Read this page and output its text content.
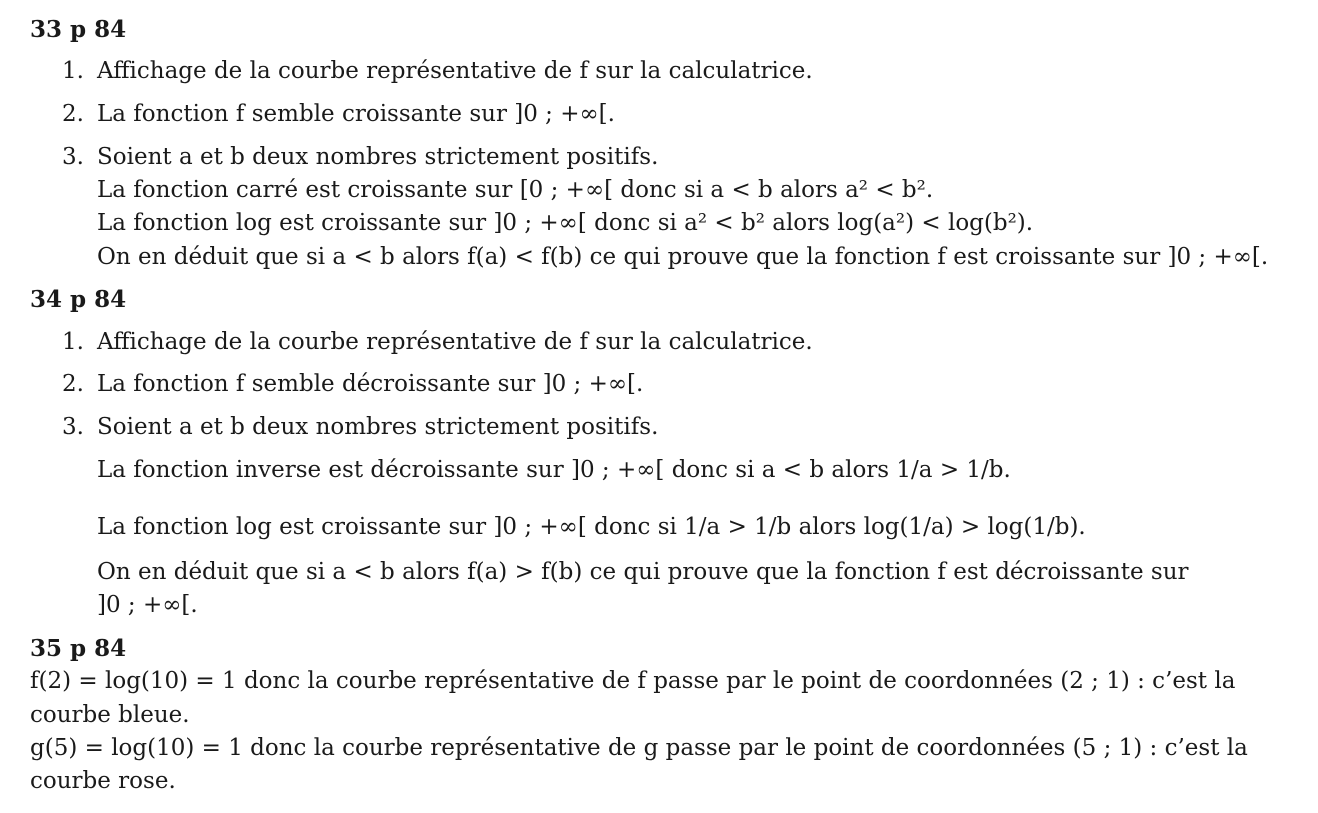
33 p 84
1. Affichage de la courbe représentative de f sur la calculatrice.
2. La fonction f semble croissante sur ]0 ; +∞[.
3. Soient a et b deux nombres strictement positifs.
La fonction carré est croissante sur [0 ; +∞[ donc si a < b alors a² < b².
La fonction log est croissante sur ]0 ; +∞[ donc si a² < b² alors log(a²) < log(b²).
On en déduit que si a < b alors f(a) < f(b) ce qui prouve que la fonction f est croissante sur ]0 ; +∞[.
34 p 84
1. Affichage de la courbe représentative de f sur la calculatrice.
2. La fonction f semble décroissante sur ]0 ; +∞[.
3. Soient a et b deux nombres strictement positifs.
La fonction inverse est décroissante sur ]0 ; +∞[ donc si a < b alors 1/a > 1/b.
La fonction log est croissante sur ]0 ; +∞[ donc si 1/a > 1/b alors log(1/a) > log(1/b).
On en déduit que si a < b alors f(a) > f(b) ce qui prouve que la fonction f est décroissante sur
]0 ; +∞[.
35 p 84
f(2) = log(10) = 1 donc la courbe représentative de f passe par le point de coordonnées (2 ; 1) : c’est la
courbe bleue.
g(5) = log(10) = 1 donc la courbe représentative de g passe par le point de coordonnées (5 ; 1) : c’est la
courbe rose.
